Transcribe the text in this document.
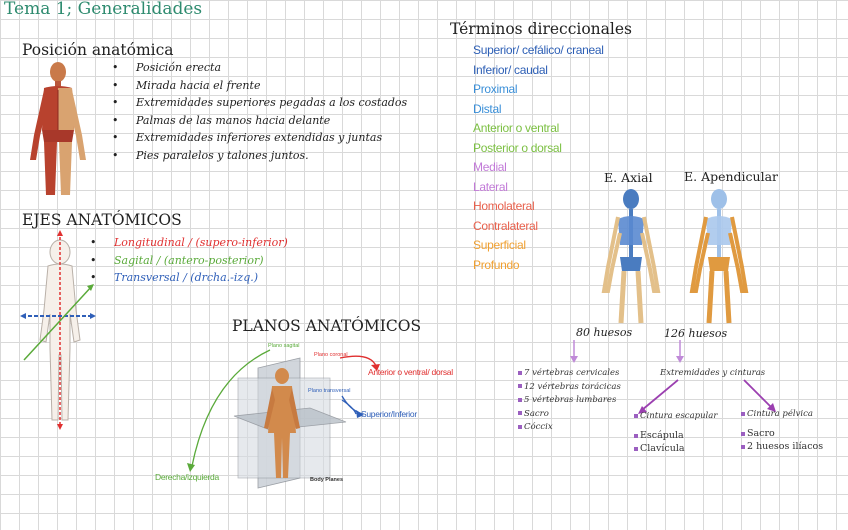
Tema 1; Generalidades
Posición anatómica
• Posición erecta
• Mirada hacia el frente
• Extremidades superiores pegadas a los costados
• Palmas de las manos hacia delante
• Extremidades inferiores extendidas y juntas
• Pies paralelos y talones juntos.
EJES ANATÓMICOS
• Longitudinal / (supero-inferior)
• Sagital / (antero-posterior)
• Transversal / (drcha.-izq.)
PLANOS ANATÓMICOS
Plano sagital
Plano coronal
Plano transversal
Body Planes
Anterior o ventral/ dorsal
Superior/Inferior
Derecha/izquierda
Términos direccionales
Superior/ cefálico/ craneal
Inferior/ caudal
Proximal
Distal
Anterior o ventral
Posterior o dorsal
Medial
Lateral
Homolateral
Contralateral
Superficial
Profundo
E. Axial	E. Apendicular
80 huesos	126 huesos
7 vértebras cervicales
12 vértebras torácicas
5 vértebras lumbares
Sacro
Cóccix
Extremidades y cinturas
Cintura escapular	Cintura pélvica
Escápula
Clavícula
Sacro
2 huesos ilíacos
